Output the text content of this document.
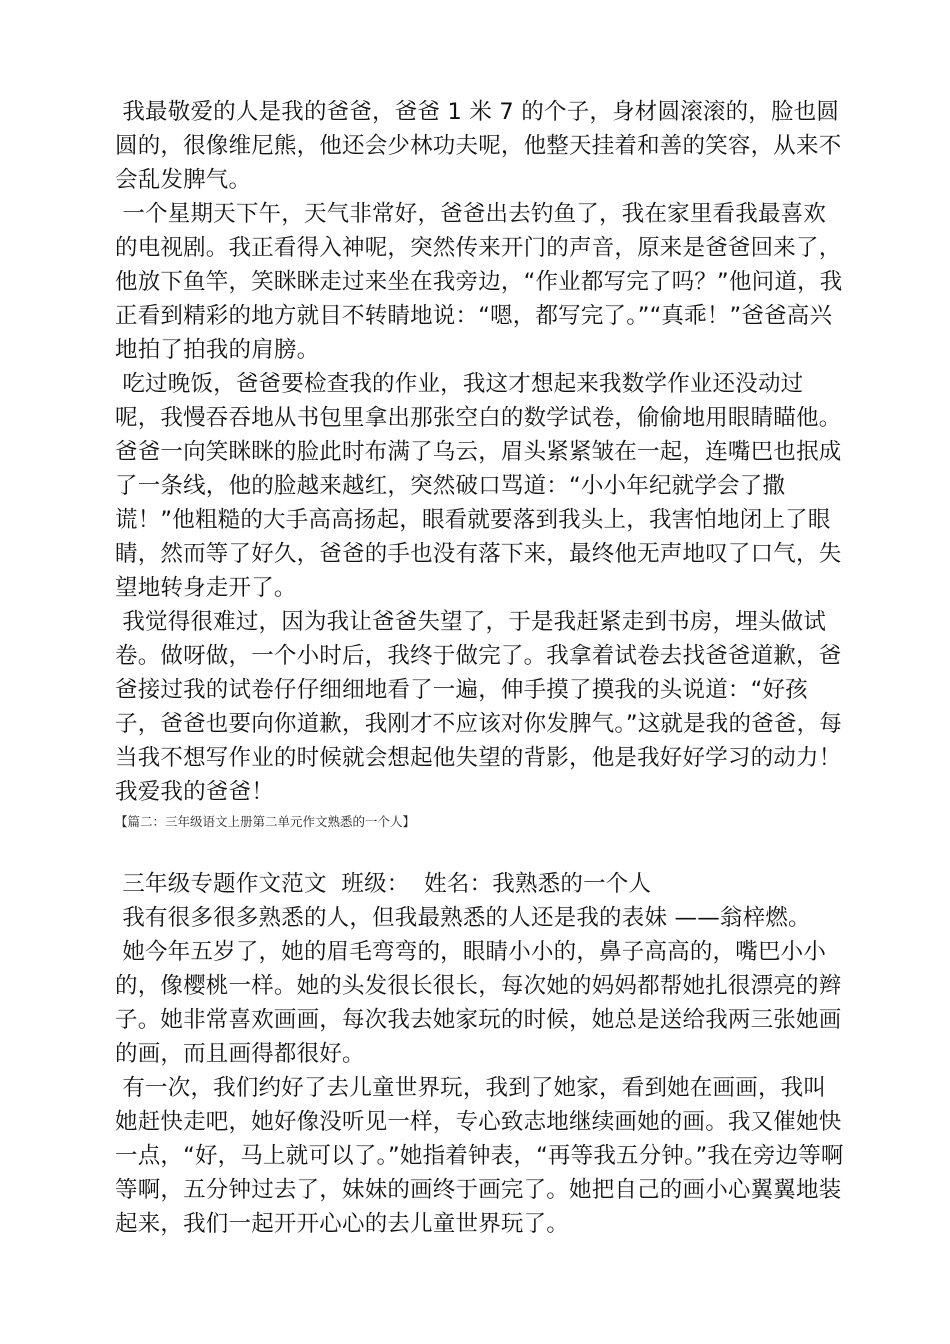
我最敬爱的人是我的爸爸，爸爸 1 米 7 的个子，身材圆滚滚的，脸也圆圆的，很像维尼熊，他还会少林功夫呢，他整天挂着和善的笑容，从来不会乱发脾气。

一个星期天下午，天气非常好，爸爸出去钓鱼了，我在家里看我最喜欢的电视剧。我正看得入神呢，突然传来开门的声音，原来是爸爸回来了，他放下鱼竿，笑眯眯走过来坐在我旁边，“作业都写完了吗？”他问道，我正看到精彩的地方就目不转睛地说：“嗯，都写完了。”“真乖！”爸爸高兴地拍了拍我的肩膀。

吃过晚饭，爸爸要检查我的作业，我这才想起来我数学作业还没动过呢，我慢吞吞地从书包里拿出那张空白的数学试卷，偷偷地用眼睛瞄他。爸爸一向笑眯眯的脸此时布满了乌云，眉头紧紧皱在一起，连嘴巴也抿成了一条线，他的脸越来越红，突然破口骂道：“小小年纪就学会了撒谎！”他粗糙的大手高高扬起，眼看就要落到我头上，我害怕地闭上了眼睛，然而等了好久，爸爸的手也没有落下来，最终他无声地叹了口气，失望地转身走开了。

我觉得很难过，因为我让爸爸失望了，于是我赶紧走到书房，埋头做试卷。做呀做，一个小时后，我终于做完了。我拿着试卷去找爸爸道歉，爸爸接过我的试卷仔仔细细地看了一遍，伸手摸了摸我的头说道：“好孩子，爸爸也要向你道歉，我刚才不应该对你发脾气。”这就是我的爸爸，每当我不想写作业的时候就会想起他失望的背影，他是我好好学习的动力！我爱我的爸爸！

【篇二：三年级语文上册第二单元作文熟悉的一个人】

三年级专题作文范文  班级：  姓名：我熟悉的一个人

我有很多很多熟悉的人，但我最熟悉的人还是我的表妹 ——翁梓燃。

她今年五岁了，她的眉毛弯弯的，眼睛小小的，鼻子高高的，嘴巴小小的，像樱桃一样。她的头发很长很长，每次她的妈妈都帮她扎很漂亮的辫子。她非常喜欢画画，每次我去她家玩的时候，她总是送给我两三张她画的画，而且画得都很好。

有一次，我们约好了去儿童世界玩，我到了她家，看到她在画画，我叫她赶快走吧，她好像没听见一样，专心致志地继续画她的画。我又催她快一点，“好，马上就可以了。”她指着钟表，“再等我五分钟。”我在旁边等啊等啊，五分钟过去了，妹妹的画终于画完了。她把自己的画小心翼翼地装起来，我们一起开开心心的去儿童世界玩了。
